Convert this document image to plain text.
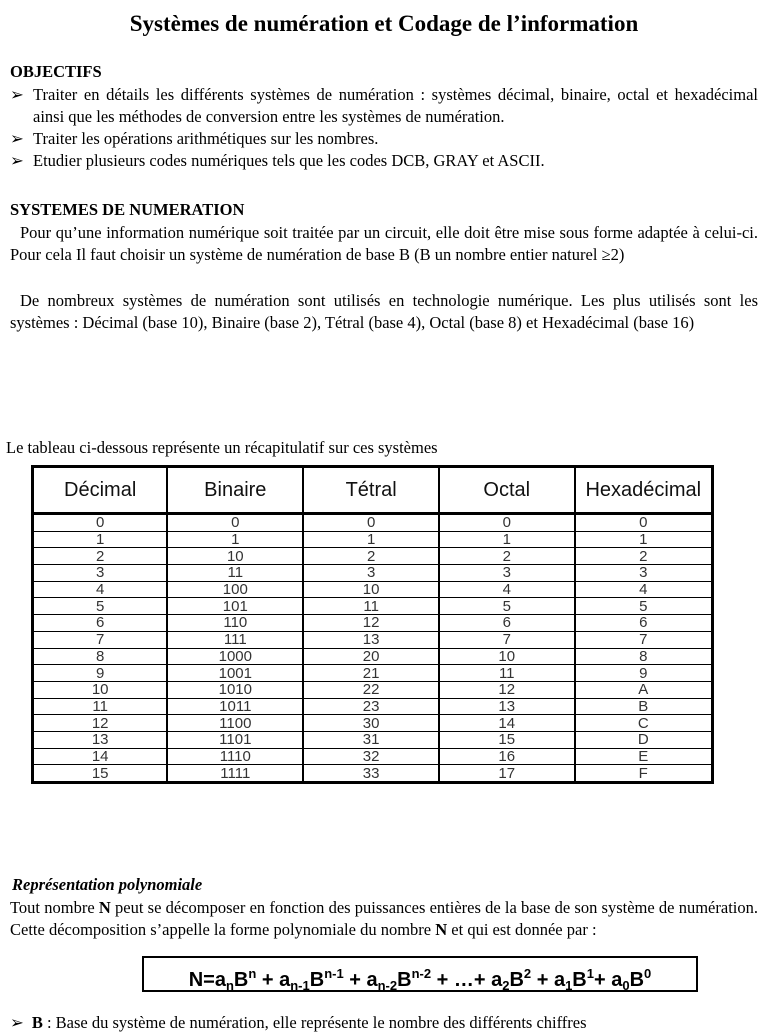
Systèmes de numération et Codage de l’information
OBJECTIFS
➢ Traiter en détails les différents systèmes de numération : systèmes décimal, binaire, octal et hexadécimal ainsi que les méthodes de conversion entre les systèmes de numération.
➢ Traiter les opérations arithmétiques sur les nombres.
➢ Etudier plusieurs codes numériques tels que les codes DCB, GRAY et ASCII.
SYSTEMES DE NUMERATION

Pour qu’une information numérique soit traitée par un circuit, elle doit être mise sous forme adaptée à celui-ci. Pour cela Il faut choisir un système de numération de base B (B un nombre entier naturel ≥2)

De nombreux systèmes de numération sont utilisés en technologie numérique. Les plus utilisés sont les systèmes : Décimal (base 10), Binaire (base 2), Tétral (base 4), Octal (base 8) et Hexadécimal (base 16)

Le tableau ci-dessous représente un récapitulatif sur ces systèmes
Décimal	Binaire	Tétral	Octal	Hexadécimal
0	0	0	0	0
1	1	1	1	1
2	10	2	2	2
3	11	3	3	3
4	100	10	4	4
5	101	11	5	5
6	110	12	6	6
7	111	13	7	7
8	1000	20	10	8
9	1001	21	11	9
10	1010	22	12	A
11	1011	23	13	B
12	1100	30	14	C
13	1101	31	15	D
14	1110	32	16	E
15	1111	33	17	F
Représentation polynomiale

Tout nombre N peut se décomposer en fonction des puissances entières de la base de son système de numération. Cette décomposition s’appelle la forme polynomiale du nombre N et qui est donnée par :

$N=a_nB^n + a_{n-1}B^{n-1} + a_{n-2}B^{n-2}$ + …+ $a_2B^2 + a_1B^1+ a_0B^0$
➢ B : Base du système de numération, elle représente le nombre des différents chiffres
